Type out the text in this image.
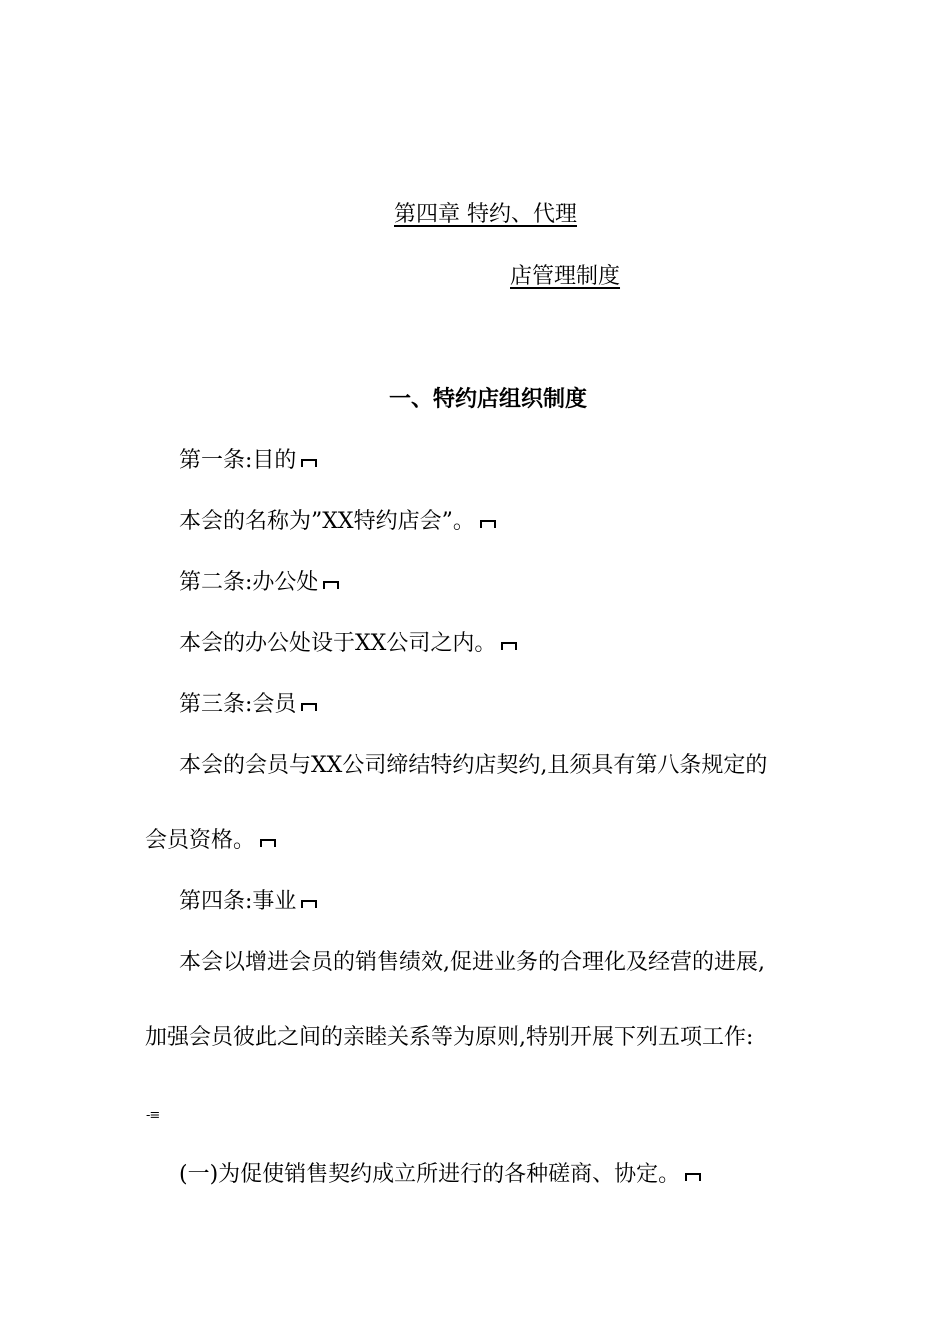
第四章 特约、代理
店管理制度
一、特约店组织制度
第一条:目的
本会的名称为”XX特约店会”。
第二条:办公处
本会的办公处设于XX公司之内。
第三条:会员
本会的会员与XX公司缔结特约店契约,且须具有第八条规定的
会员资格。
第四条:事业
本会以增进会员的销售绩效,促进业务的合理化及经营的进展,
加强会员彼此之间的亲睦关系等为原则,特别开展下列五项工作:
-≡
(一)为促使销售契约成立所进行的各种磋商、协定。
